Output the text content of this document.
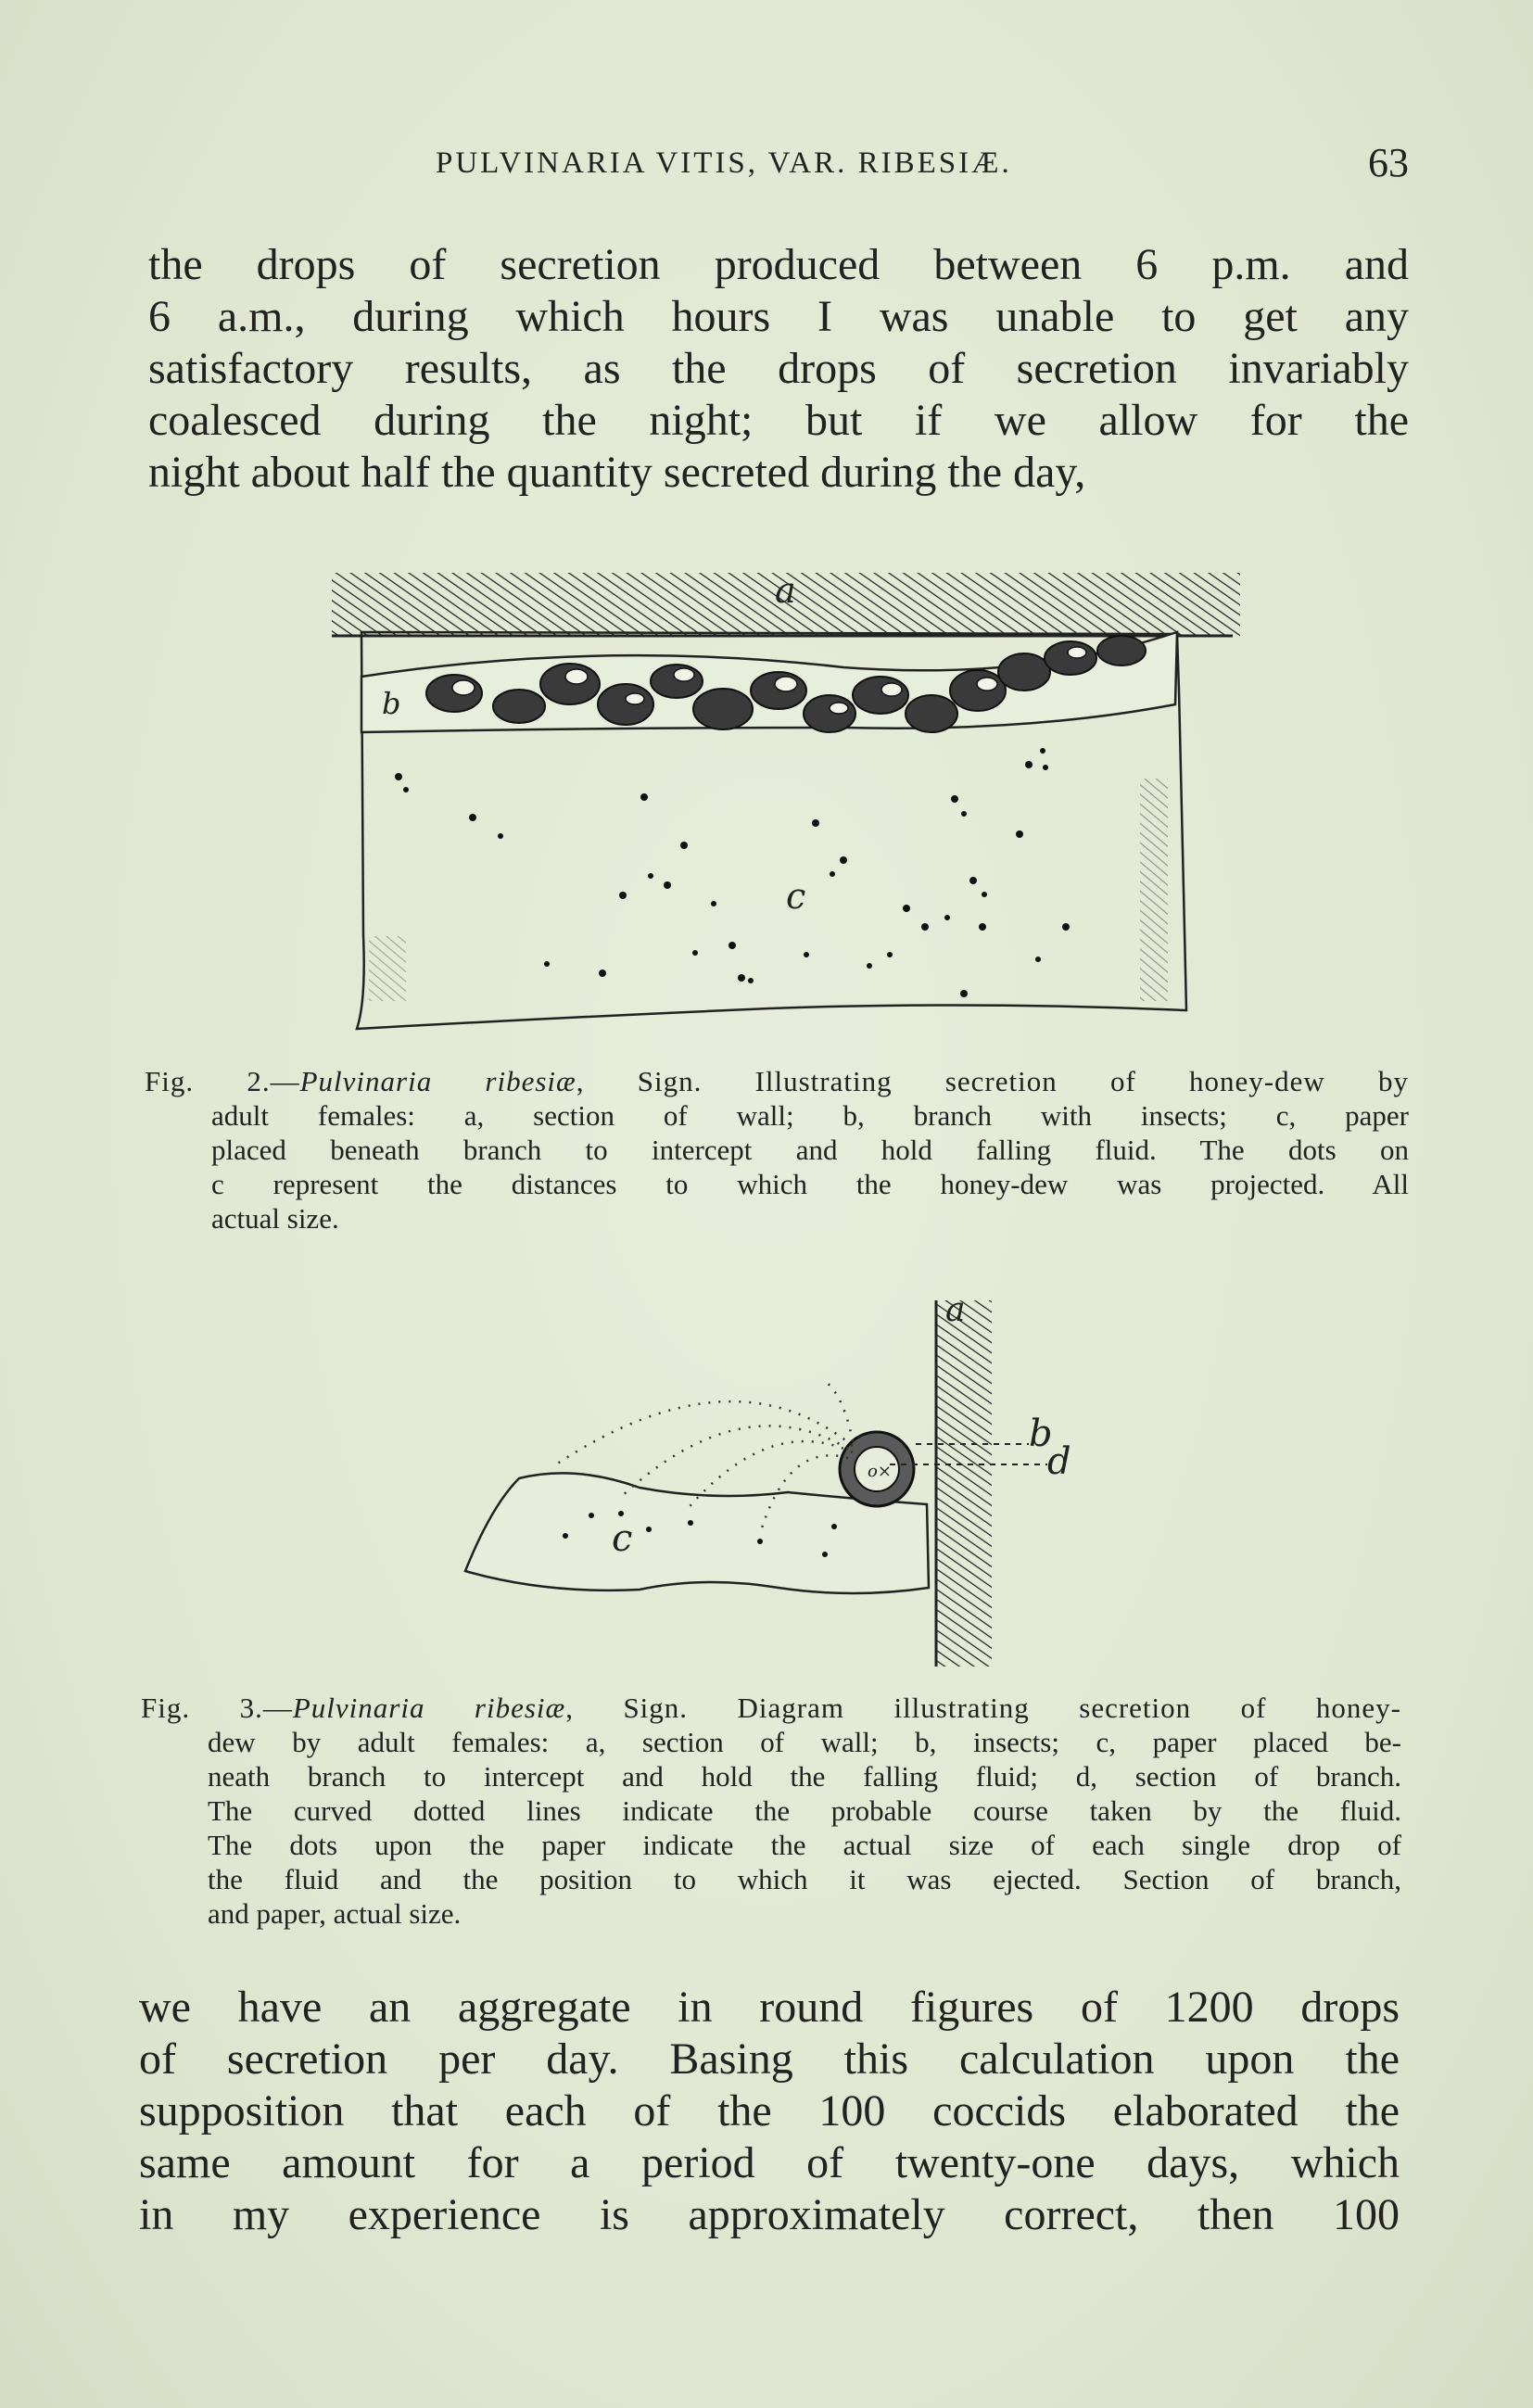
PULVINARIA VITIS, VAR. RIBESIÆ.	63
the drops of secretion produced between 6 p.m. and
6 a.m., during which hours I was unable to get any
satisfactory results, as the drops of secretion invariably
coalesced during the night; but if we allow for the
night about half the quantity secreted during the day,
a
b
c
Fig. 2.—Pulvinaria ribesiæ, Sign. Illustrating secretion of honey-dew by
adult females: a, section of wall; b, branch with insects; c, paper
placed beneath branch to intercept and hold falling fluid. The dots on
c represent the distances to which the honey-dew was projected. All
actual size.
a
o×
b
d
c
Fig. 3.—Pulvinaria ribesiæ, Sign. Diagram illustrating secretion of honey-
dew by adult females: a, section of wall; b, insects; c, paper placed be-
neath branch to intercept and hold the falling fluid; d, section of branch.
The curved dotted lines indicate the probable course taken by the fluid.
The dots upon the paper indicate the actual size of each single drop of
the fluid and the position to which it was ejected. Section of branch,
and paper, actual size.
we have an aggregate in round figures of 1200 drops
of secretion per day. Basing this calculation upon the
supposition that each of the 100 coccids elaborated the
same amount for a period of twenty-one days, which
in my experience is approximately correct, then 100
